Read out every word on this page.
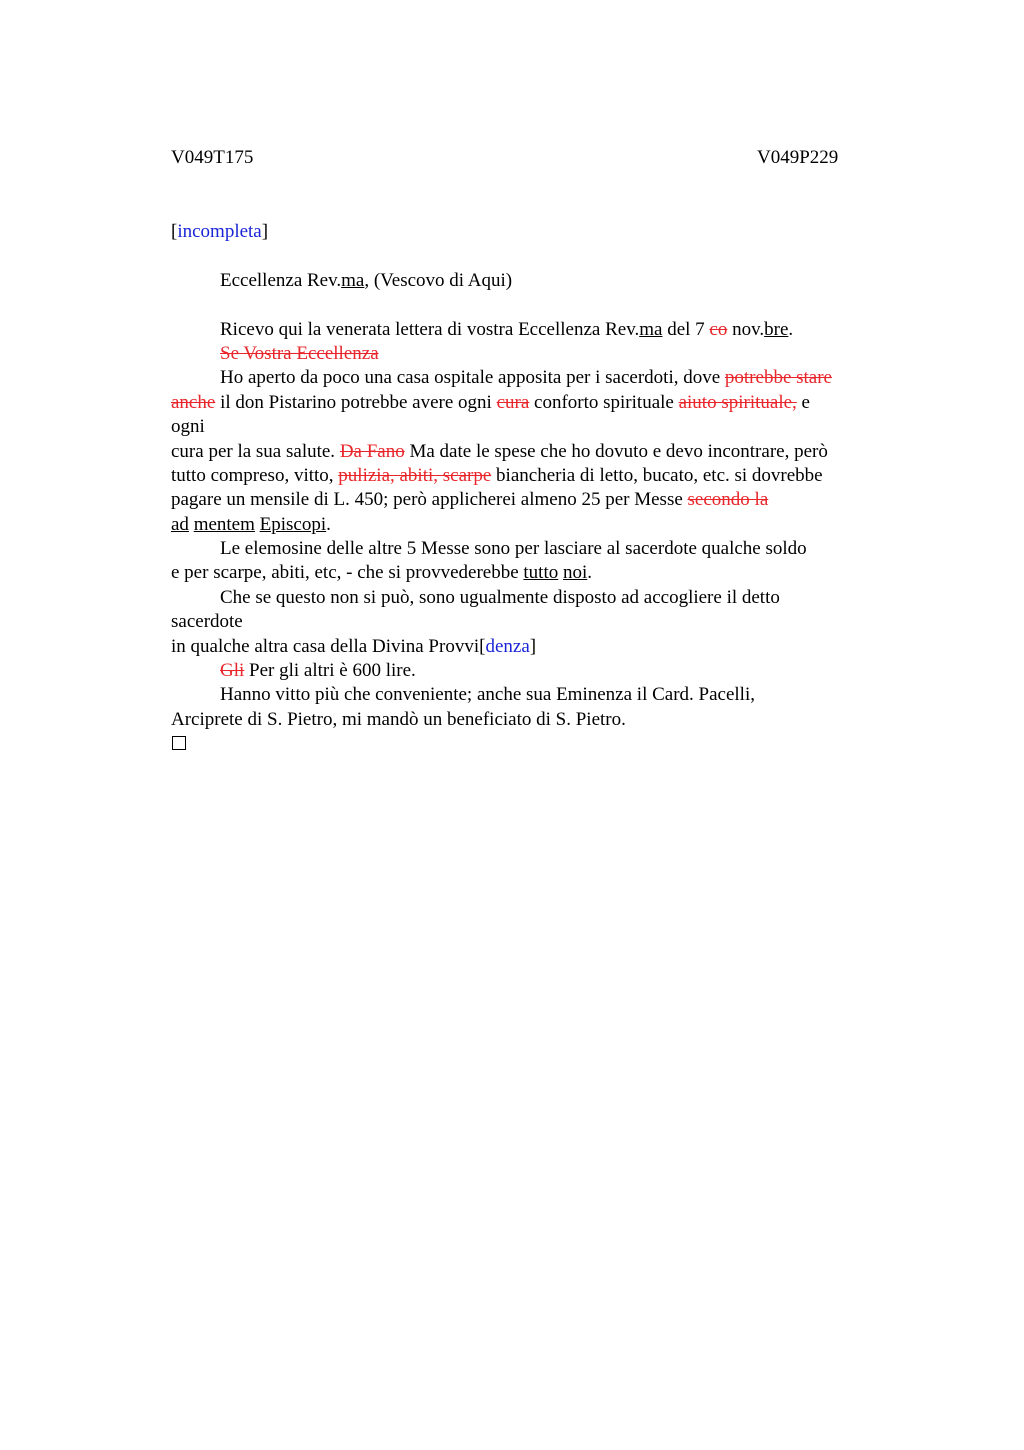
V049T175	V049P229
[incompleta]
Eccellenza Rev.ma, (Vescovo di Aqui)
Ricevo qui la venerata lettera di vostra Eccellenza Rev.ma del 7 co nov.bre.
Se Vostra Eccellenza
Ho aperto da poco una casa ospitale apposita per i sacerdoti, dove potrebbe stare
anche il don Pistarino potrebbe avere ogni cura conforto spirituale aiuto spirituale, e
ogni
cura per la sua salute. Da Fano Ma date le spese che ho dovuto e devo incontrare, però
tutto compreso, vitto, pulizia, abiti, scarpe biancheria di letto, bucato, etc. si dovrebbe
pagare un mensile di L. 450; però applicherei almeno 25 per Messe secondo la
ad mentem Episcopi.
Le elemosine delle altre 5 Messe sono per lasciare al sacerdote qualche soldo
e per scarpe, abiti, etc, - che si provvederebbe tutto noi.
Che se questo non si può, sono ugualmente disposto ad accogliere il detto
sacerdote
in qualche altra casa della Divina Provvi[denza]
Gli Per gli altri è 600 lire.
Hanno vitto più che conveniente; anche sua Eminenza il Card. Pacelli,
Arciprete di S. Pietro, mi mandò un beneficiato di S. Pietro.
